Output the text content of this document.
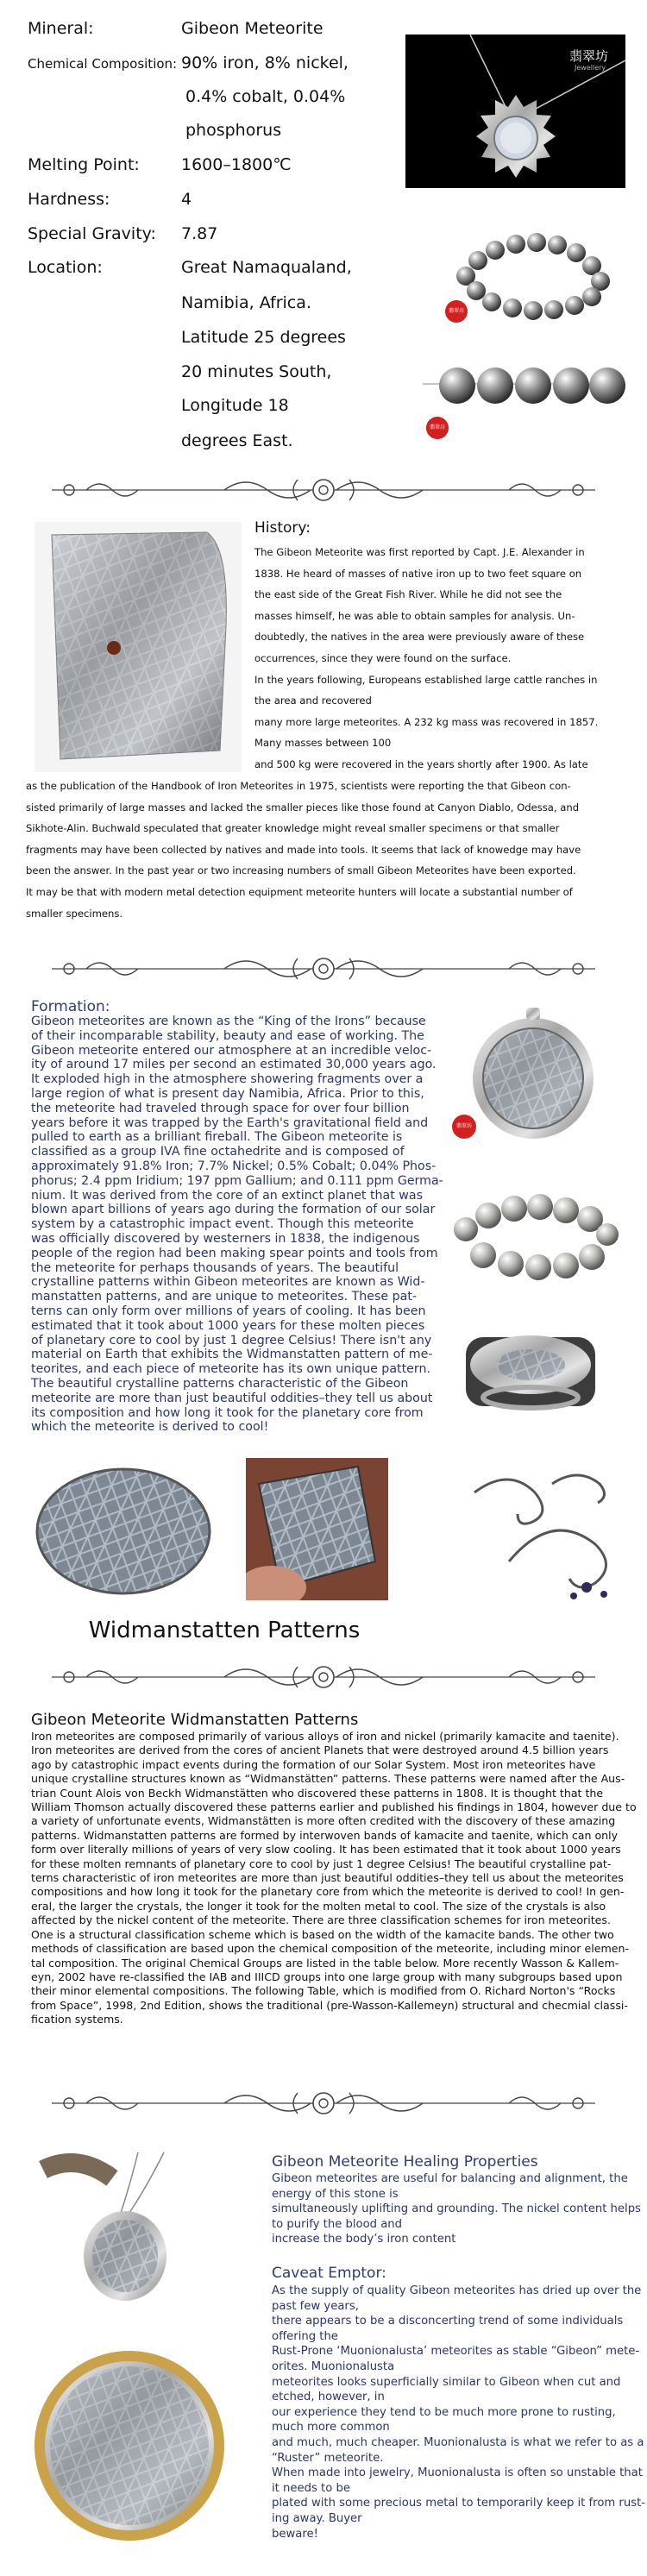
Mineral:	Gibeon Meteorite
Chemical Composition: 90% iron, 8% nickel,
0.4% cobalt, 0.04%
phosphorus
Melting Point:	1600–1800℃
Hardness:	4
Special Gravity: 7.87
Location:	Great Namaqualand,
Namibia, Africa.
Latitude 25 degrees
20 minutes South,
Longitude 18
degrees East.
翡翠坊
Jewellery
翡翠坊
翡翠坊
History:
The Gibeon Meteorite was first reported by Capt. J.E. Alexander in
1838. He heard of masses of native iron up to two feet square on
the east side of the Great Fish River. While he did not see the
masses himself, he was able to obtain samples for analysis. Un-
doubtedly, the natives in the area were previously aware of these
occurrences, since they were found on the surface.
In the years following, Europeans established large cattle ranches in
the area and recovered
many more large meteorites. A 232 kg mass was recovered in 1857.
Many masses between 100
and 500 kg were recovered in the years shortly after 1900. As late
as the publication of the Handbook of Iron Meteorites in 1975, scientists were reporting the that Gibeon con-
sisted primarily of large masses and lacked the smaller pieces like those found at Canyon Diablo, Odessa, and
Sikhote-Alin. Buchwald speculated that greater knowledge might reveal smaller specimens or that smaller
fragments may have been collected by natives and made into tools. It seems that lack of knowedge may have
been the answer. In the past year or two increasing numbers of small Gibeon Meteorites have been exported.
It may be that with modern metal detection equipment meteorite hunters will locate a substantial number of
smaller specimens.
Formation:
Gibeon meteorites are known as the “King of the Irons” because
of their incomparable stability, beauty and ease of working. The
Gibeon meteorite entered our atmosphere at an incredible veloc-
ity of around 17 miles per second an estimated 30,000 years ago.
It exploded high in the atmosphere showering fragments over a
large region of what is present day Namibia, Africa. Prior to this,
the meteorite had traveled through space for over four billion
years before it was trapped by the Earth's gravitational field and
pulled to earth as a brilliant fireball. The Gibeon meteorite is
classified as a group IVA fine octahedrite and is composed of
approximately 91.8% Iron; 7.7% Nickel; 0.5% Cobalt; 0.04% Phos-
phorus; 2.4 ppm Iridium; 197 ppm Gallium; and 0.111 ppm Germa-
nium. It was derived from the core of an extinct planet that was
blown apart billions of years ago during the formation of our solar
system by a catastrophic impact event. Though this meteorite
was officially discovered by westerners in 1838, the indigenous
people of the region had been making spear points and tools from
the meteorite for perhaps thousands of years. The beautiful
crystalline patterns within Gibeon meteorites are known as Wid-
manstatten patterns, and are unique to meteorites. These pat-
terns can only form over millions of years of cooling. It has been
estimated that it took about 1000 years for these molten pieces
of planetary core to cool by just 1 degree Celsius! There isn't any
material on Earth that exhibits the Widmanstatten pattern of me-
teorites, and each piece of meteorite has its own unique pattern.
The beautiful crystalline patterns characteristic of the Gibeon
meteorite are more than just beautiful oddities–they tell us about
its composition and how long it took for the planetary core from
which the meteorite is derived to cool!
翡翠坊
Widmanstatten Patterns
Gibeon Meteorite Widmanstatten Patterns
Iron meteorites are composed primarily of various alloys of iron and nickel (primarily kamacite and taenite).
Iron meteorites are derived from the cores of ancient Planets that were destroyed around 4.5 billion years
ago by catastrophic impact events during the formation of our Solar System. Most iron meteorites have
unique crystalline structures known as “Widmanstätten” patterns. These patterns were named after the Aus-
trian Count Alois von Beckh Widmanstätten who discovered these patterns in 1808. It is thought that the
William Thomson actually discovered these patterns earlier and published his findings in 1804, however due to
a variety of unfortunate events, Widmanstätten is more often credited with the discovery of these amazing
patterns. Widmanstatten patterns are formed by interwoven bands of kamacite and taenite, which can only
form over literally millions of years of very slow cooling. It has been estimated that it took about 1000 years
for these molten remnants of planetary core to cool by just 1 degree Celsius! The beautiful crystalline pat-
terns characteristic of iron meteorites are more than just beautiful oddities–they tell us about the meteorites
compositions and how long it took for the planetary core from which the meteorite is derived to cool! In gen-
eral, the larger the crystals, the longer it took for the molten metal to cool. The size of the crystals is also
affected by the nickel content of the meteorite. There are three classification schemes for iron meteorites.
One is a structural classification scheme which is based on the width of the kamacite bands. The other two
methods of classification are based upon the chemical composition of the meteorite, including minor elemen-
tal composition. The original Chemical Groups are listed in the table below. More recently Wasson & Kallem-
eyn, 2002 have re-classified the IAB and IIICD groups into one large group with many subgroups based upon
their minor elemental compositions. The following Table, which is modified from O. Richard Norton's “Rocks
from Space”, 1998, 2nd Edition, shows the traditional (pre-Wasson-Kallemeyn) structural and checmial classi-
fication systems.
Gibeon Meteorite Healing Properties
Gibeon meteorites are useful for balancing and alignment, the
energy of this stone is
simultaneously uplifting and grounding. The nickel content helps
to purify the blood and
increase the body’s iron content
Caveat Emptor:
As the supply of quality Gibeon meteorites has dried up over the
past few years,
there appears to be a disconcerting trend of some individuals
offering the
Rust-Prone ‘Muonionalusta’ meteorites as stable “Gibeon” mete-
orites. Muonionalusta
meteorites looks superficially similar to Gibeon when cut and
etched, however, in
our experience they tend to be much more prone to rusting,
much more common
and much, much cheaper. Muonionalusta is what we refer to as a
“Ruster” meteorite.
When made into jewelry, Muonionalusta is often so unstable that
it needs to be
plated with some precious metal to temporarily keep it from rust-
ing away. Buyer
beware!
